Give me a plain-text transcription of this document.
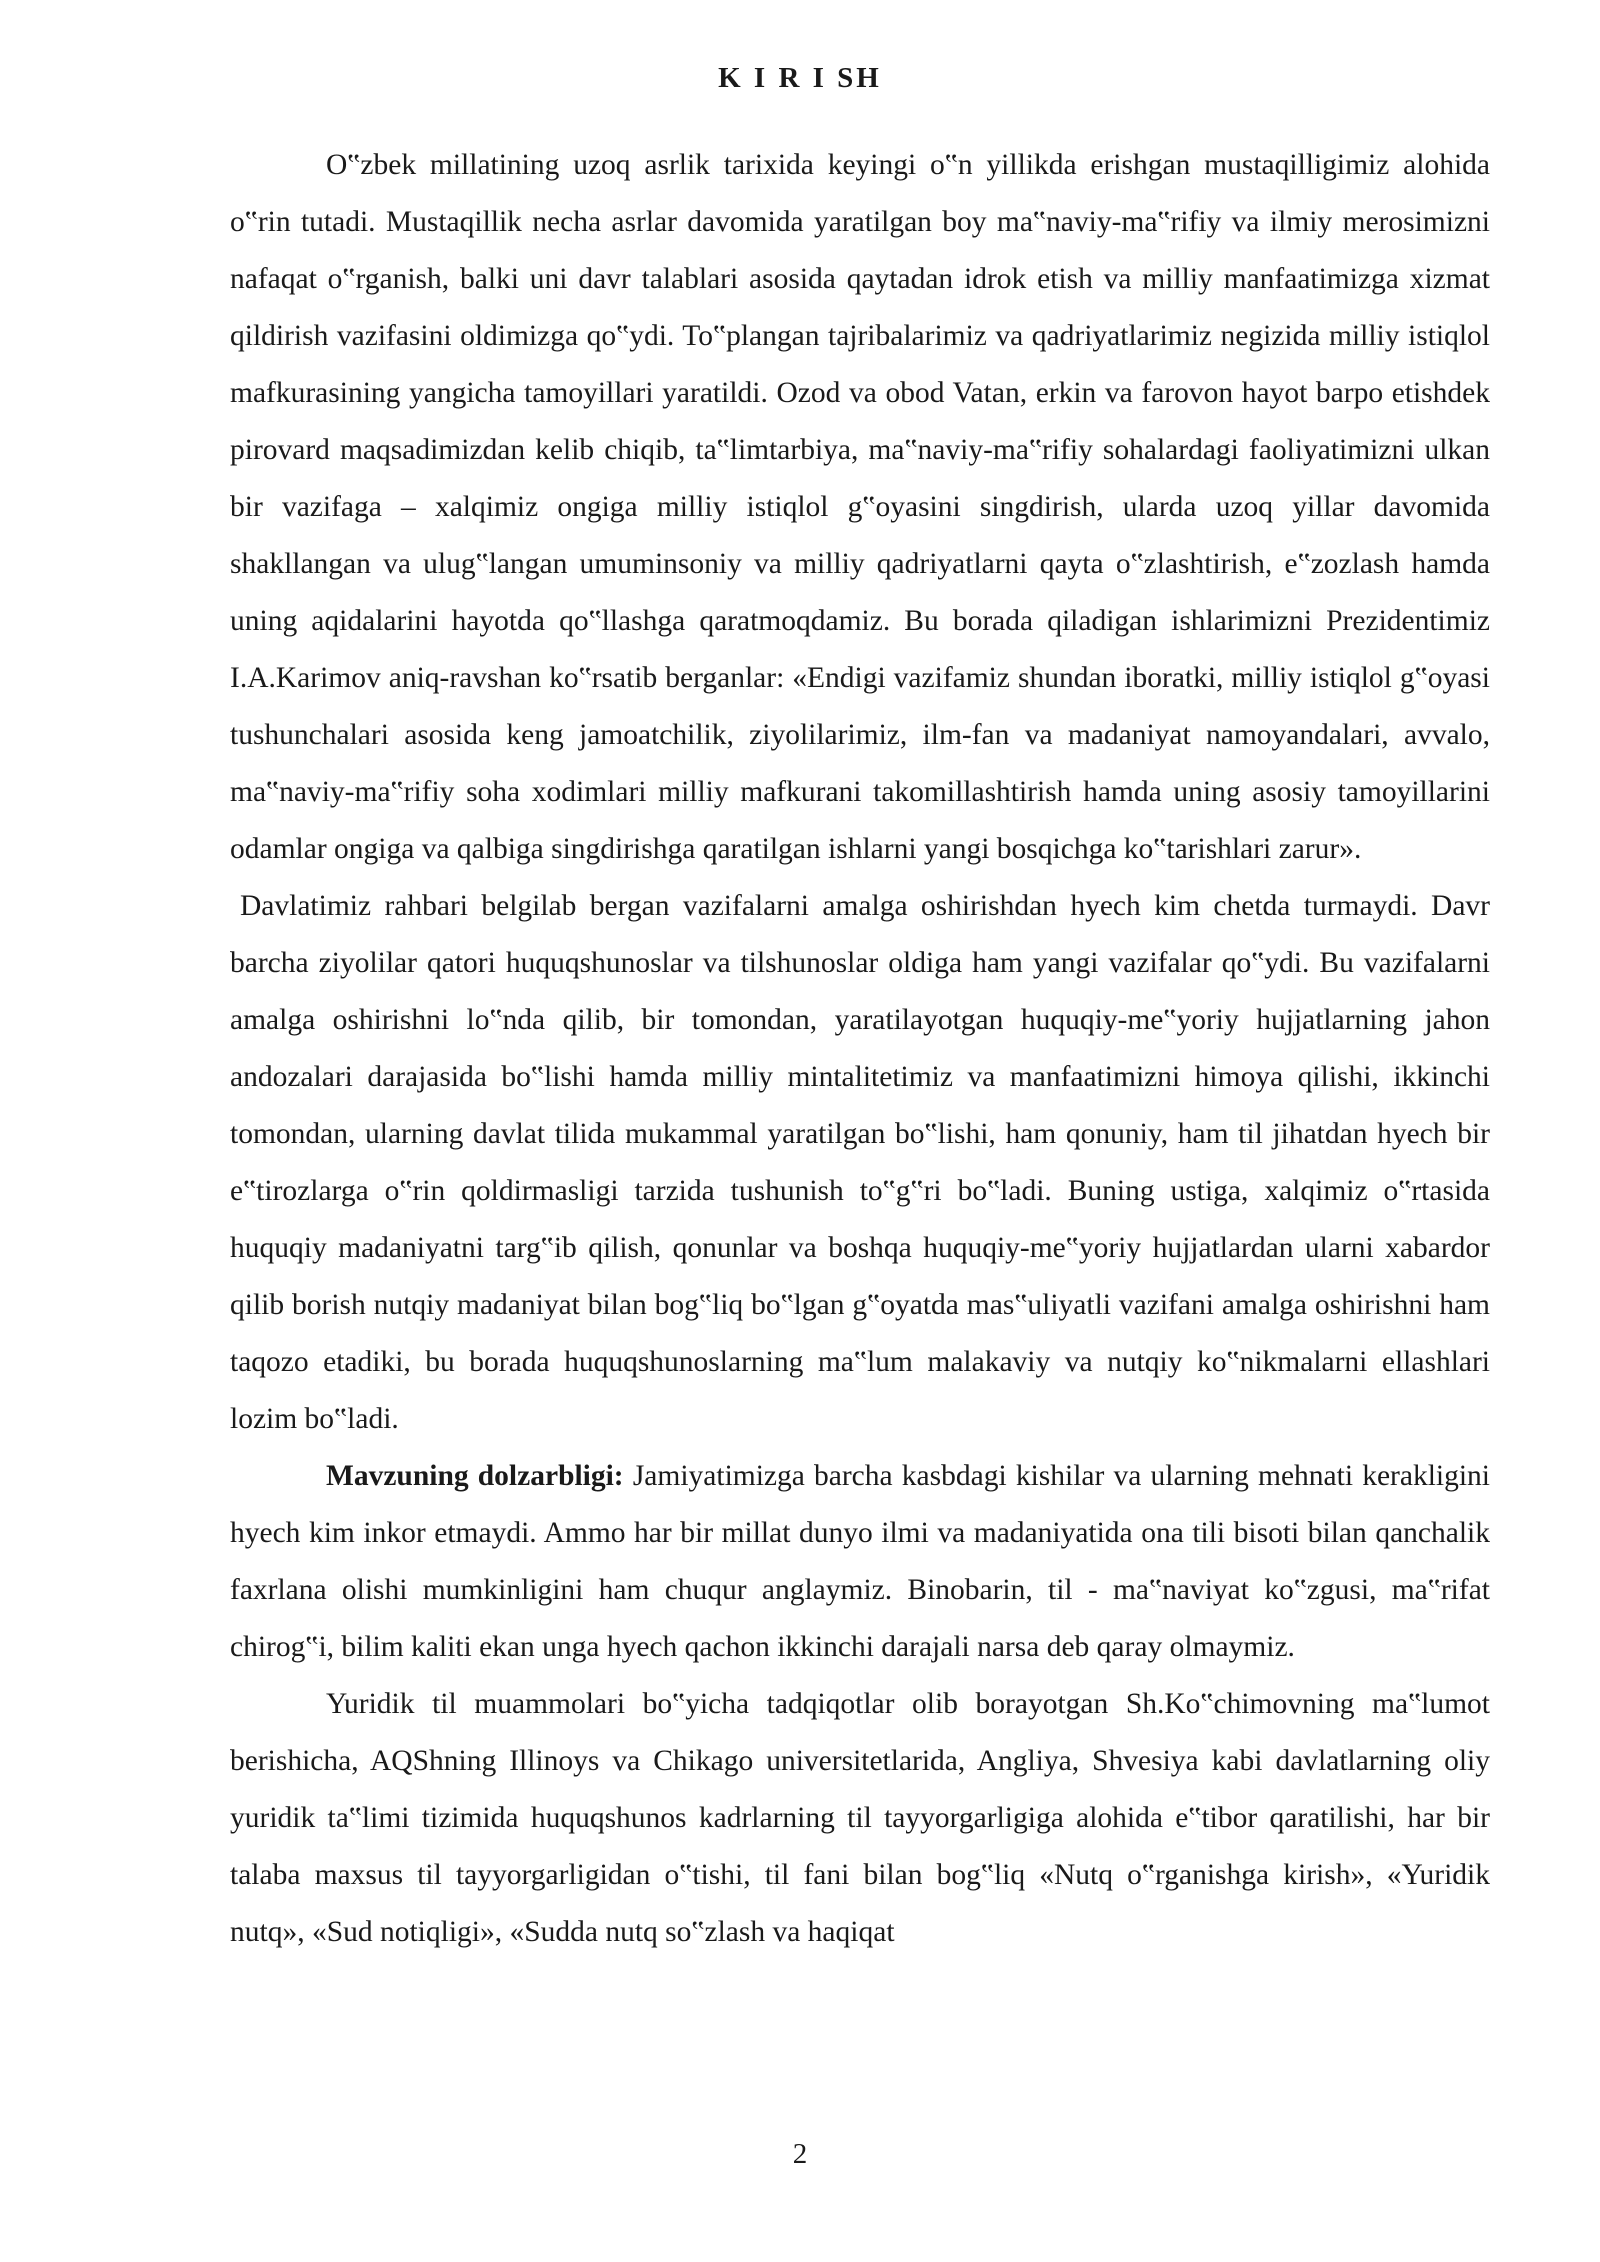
K I R I SH

O‟zbek millatining uzoq asrlik tarixida keyingi o‟n yillikda erishgan mustaqilligimiz alohida o‟rin tutadi. Mustaqillik necha asrlar davomida yaratilgan boy ma‟naviy-ma‟rifiy va ilmiy merosimizni nafaqat o‟rganish, balki uni davr talablari asosida qaytadan idrok etish va milliy manfaatimizga xizmat qildirish vazifasini oldimizga qo‟ydi. To‟plangan tajribalarimiz va qadriyatlarimiz negizida milliy istiqlol mafkurasining yangicha tamoyillari yaratildi. Ozod va obod Vatan, erkin va farovon hayot barpo etishdek pirovard maqsadimizdan kelib chiqib, ta‟limtarbiya, ma‟naviy-ma‟rifiy sohalardagi faoliyatimizni ulkan bir vazifaga – xalqimiz ongiga milliy istiqlol g‟oyasini singdirish, ularda uzoq yillar davomida shakllangan va ulug‟langan umuminsoniy va milliy qadriyatlarni qayta o‟zlashtirish, e‟zozlash hamda uning aqidalarini hayotda qo‟llashga qaratmoqdamiz. Bu borada qiladigan ishlarimizni Prezidentimiz I.A.Karimov aniq-ravshan ko‟rsatib berganlar: «Endigi vazifamiz shundan iboratki, milliy istiqlol g‟oyasi tushunchalari asosida keng jamoatchilik, ziyolilarimiz, ilm-fan va madaniyat namoyandalari, avvalo, ma‟naviy-ma‟rifiy soha xodimlari milliy mafkurani takomillashtirish hamda uning asosiy tamoyillarini odamlar ongiga va qalbiga singdirishga qaratilgan ishlarni yangi bosqichga ko‟tarishlari zarur».

Davlatimiz rahbari belgilab bergan vazifalarni amalga oshirishdan hyech kim chetda turmaydi. Davr barcha ziyolilar qatori huquqshunoslar va tilshunoslar oldiga ham yangi vazifalar qo‟ydi. Bu vazifalarni amalga oshirishni lo‟nda qilib, bir tomondan, yaratilayotgan huquqiy-me‟yoriy hujjatlarning jahon andozalari darajasida bo‟lishi hamda milliy mintalitetimiz va manfaatimizni himoya qilishi, ikkinchi tomondan, ularning davlat tilida mukammal yaratilgan bo‟lishi, ham qonuniy, ham til jihatdan hyech bir e‟tirozlarga o‟rin qoldirmasligi tarzida tushunish to‟g‟ri bo‟ladi. Buning ustiga, xalqimiz o‟rtasida huquqiy madaniyatni targ‟ib qilish, qonunlar va boshqa huquqiy-me‟yoriy hujjatlardan ularni xabardor qilib borish nutqiy madaniyat bilan bog‟liq bo‟lgan g‟oyatda mas‟uliyatli vazifani amalga oshirishni ham taqozo etadiki, bu borada huquqshunoslarning ma‟lum malakaviy va nutqiy ko‟nikmalarni ellashlari lozim bo‟ladi.

Mavzuning dolzarbligi: Jamiyatimizga barcha kasbdagi kishilar va ularning mehnati kerakligini hyech kim inkor etmaydi. Ammo har bir millat dunyo ilmi va madaniyatida ona tili bisoti bilan qanchalik faxrlana olishi mumkinligini ham chuqur anglaymiz. Binobarin, til - ma‟naviyat ko‟zgusi, ma‟rifat chirog‟i, bilim kaliti ekan unga hyech qachon ikkinchi darajali narsa deb qaray olmaymiz.

Yuridik til muammolari bo‟yicha tadqiqotlar olib borayotgan Sh.Ko‟chimovning ma‟lumot berishicha, AQShning Illinoys va Chikago universitetlarida, Angliya, Shvesiya kabi davlatlarning oliy yuridik ta‟limi tizimida huquqshunos kadrlarning til tayyorgarligiga alohida e‟tibor qaratilishi, har bir talaba maxsus til tayyorgarligidan o‟tishi, til fani bilan bog‟liq «Nutq o‟rganishga kirish», «Yuridik nutq», «Sud notiqligi», «Sudda nutq so‟zlash va haqiqat

2
